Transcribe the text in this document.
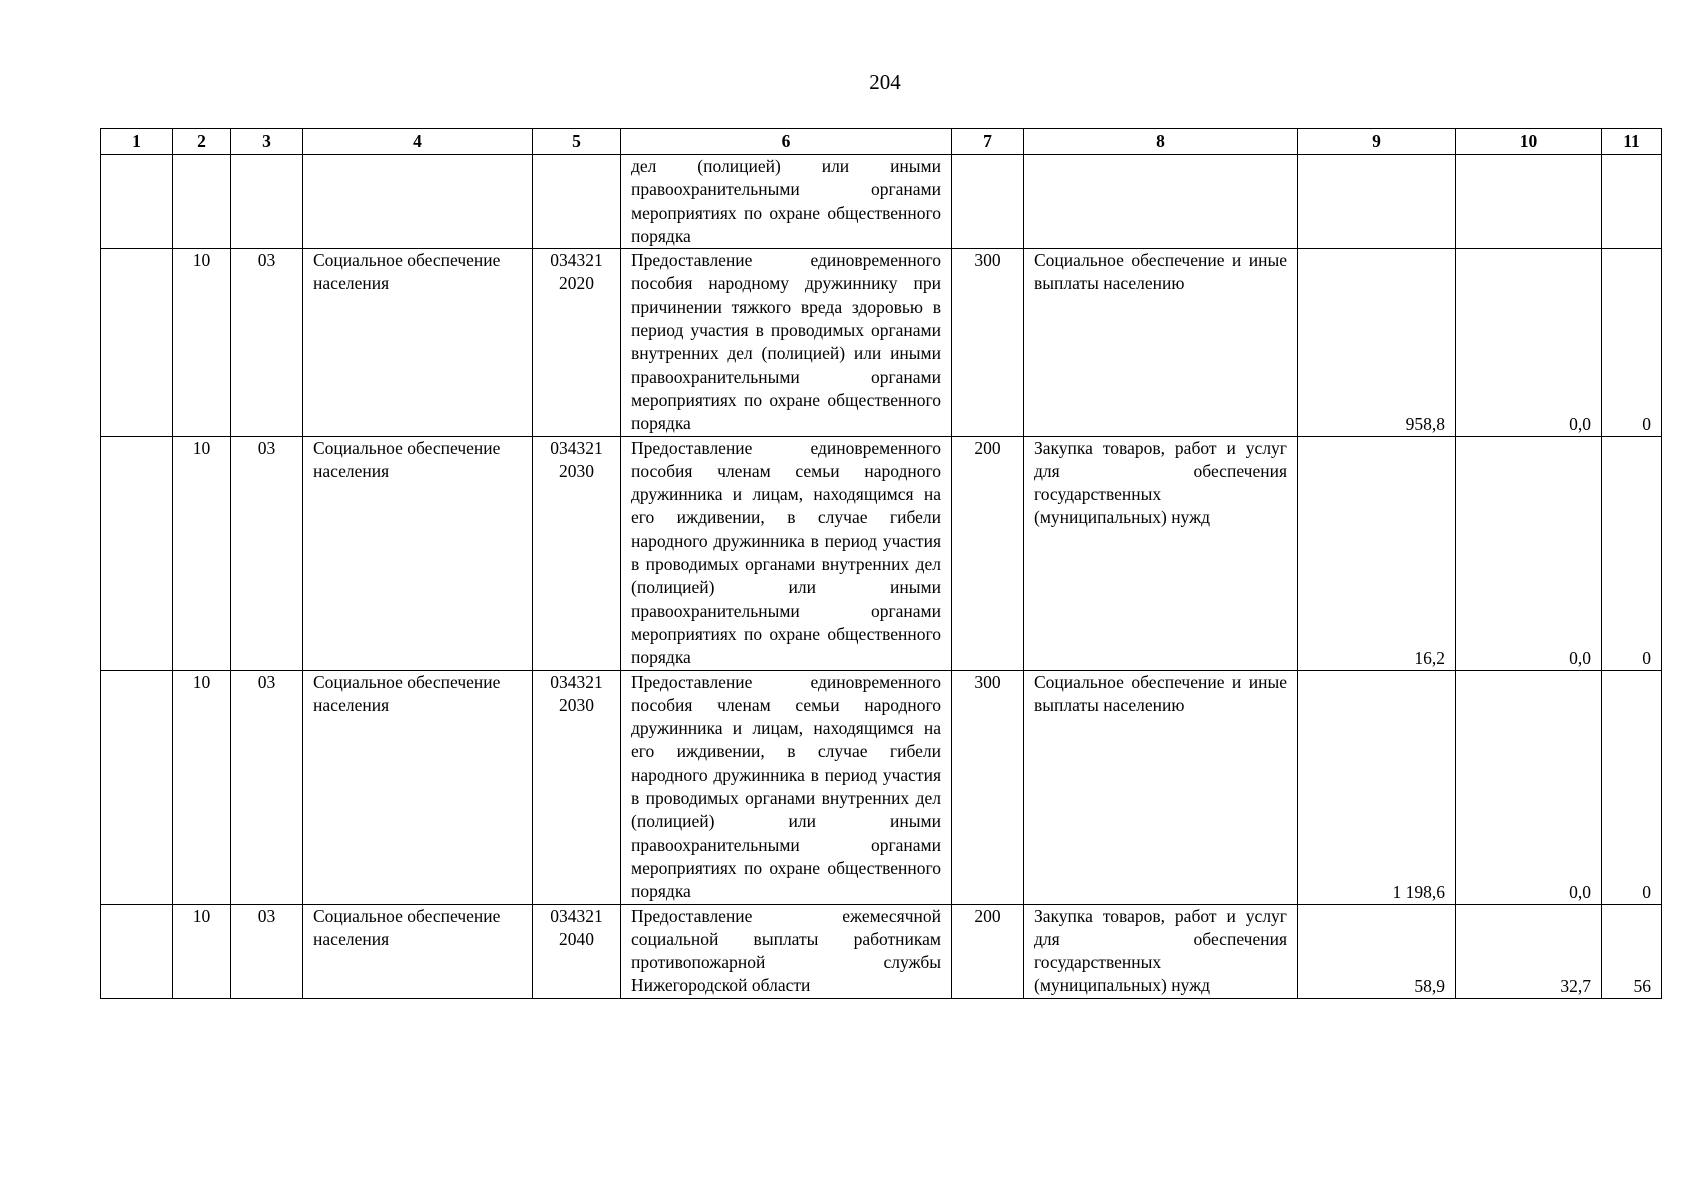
204
1	2	3	4	5	6	7	8	9	10	11
					дел (полицией) или иными правоохранительными органами мероприятиях по охране общественного порядка			

	10	03	Социальное обеспечение населения	034321 2020	Предоставление единовременного пособия народному дружиннику при причинении тяжкого вреда здоровью в период участия в проводимых органами внутренних дел (полицией) или иными правоохранительными органами мероприятиях по охране общественного порядка	300	Социальное обеспечение и иные выплаты населению	958,8	0,0	0

	10	03	Социальное обеспечение населения	034321 2030	Предоставление единовременного пособия членам семьи народного дружинника и лицам, находящимся на его иждивении, в случае гибели народного дружинника в период участия в проводимых органами внутренних дел (полицией) или иными правоохранительными органами мероприятиях по охране общественного порядка	200	Закупка товаров, работ и услуг для обеспечения государственных (муниципальных) нужд	16,2	0,0	0

	10	03	Социальное обеспечение населения	034321 2030	Предоставление единовременного пособия членам семьи народного дружинника и лицам, находящимся на его иждивении, в случае гибели народного дружинника в период участия в проводимых органами внутренних дел (полицией) или иными правоохранительными органами мероприятиях по охране общественного порядка	300	Социальное обеспечение и иные выплаты населению	1 198,6	0,0	0

	10	03	Социальное обеспечение населения	034321 2040	Предоставление ежемесячной социальной выплаты работникам противопожарной службы Нижегородской области	200	Закупка товаров, работ и услуг для обеспечения государственных (муниципальных) нужд	58,9	32,7	56
